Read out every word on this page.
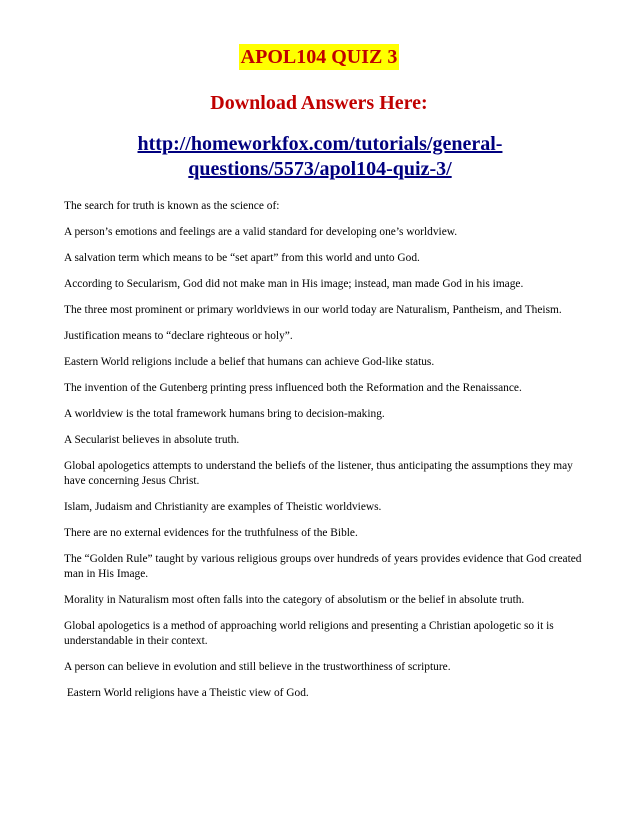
APOL104 QUIZ 3
Download Answers Here:
http://homeworkfox.com/tutorials/general-
questions/5573/apol104-quiz-3/

The search for truth is known as the science of:

A person’s emotions and feelings are a valid standard for developing one’s worldview.

A salvation term which means to be “set apart” from this world and unto God.

According to Secularism, God did not make man in His image; instead, man made God in his image.

The three most prominent or primary worldviews in our world today are Naturalism, Pantheism, and Theism.

Justification means to “declare righteous or holy”.

Eastern World religions include a belief that humans can achieve God-like status.

The invention of the Gutenberg printing press influenced both the Reformation and the Renaissance.

A worldview is the total framework humans bring to decision-making.

A Secularist believes in absolute truth.

Global apologetics attempts to understand the beliefs of the listener, thus anticipating the assumptions they may have concerning Jesus Christ.

Islam, Judaism and Christianity are examples of Theistic worldviews.

There are no external evidences for the truthfulness of the Bible.

The “Golden Rule” taught by various religious groups over hundreds of years provides evidence that God created man in His Image.

Morality in Naturalism most often falls into the category of absolutism or the belief in absolute truth.

Global apologetics is a method of approaching world religions and presenting a Christian apologetic so it is understandable in their context.

A person can believe in evolution and still believe in the trustworthiness of scripture.

Eastern World religions have a Theistic view of God.
